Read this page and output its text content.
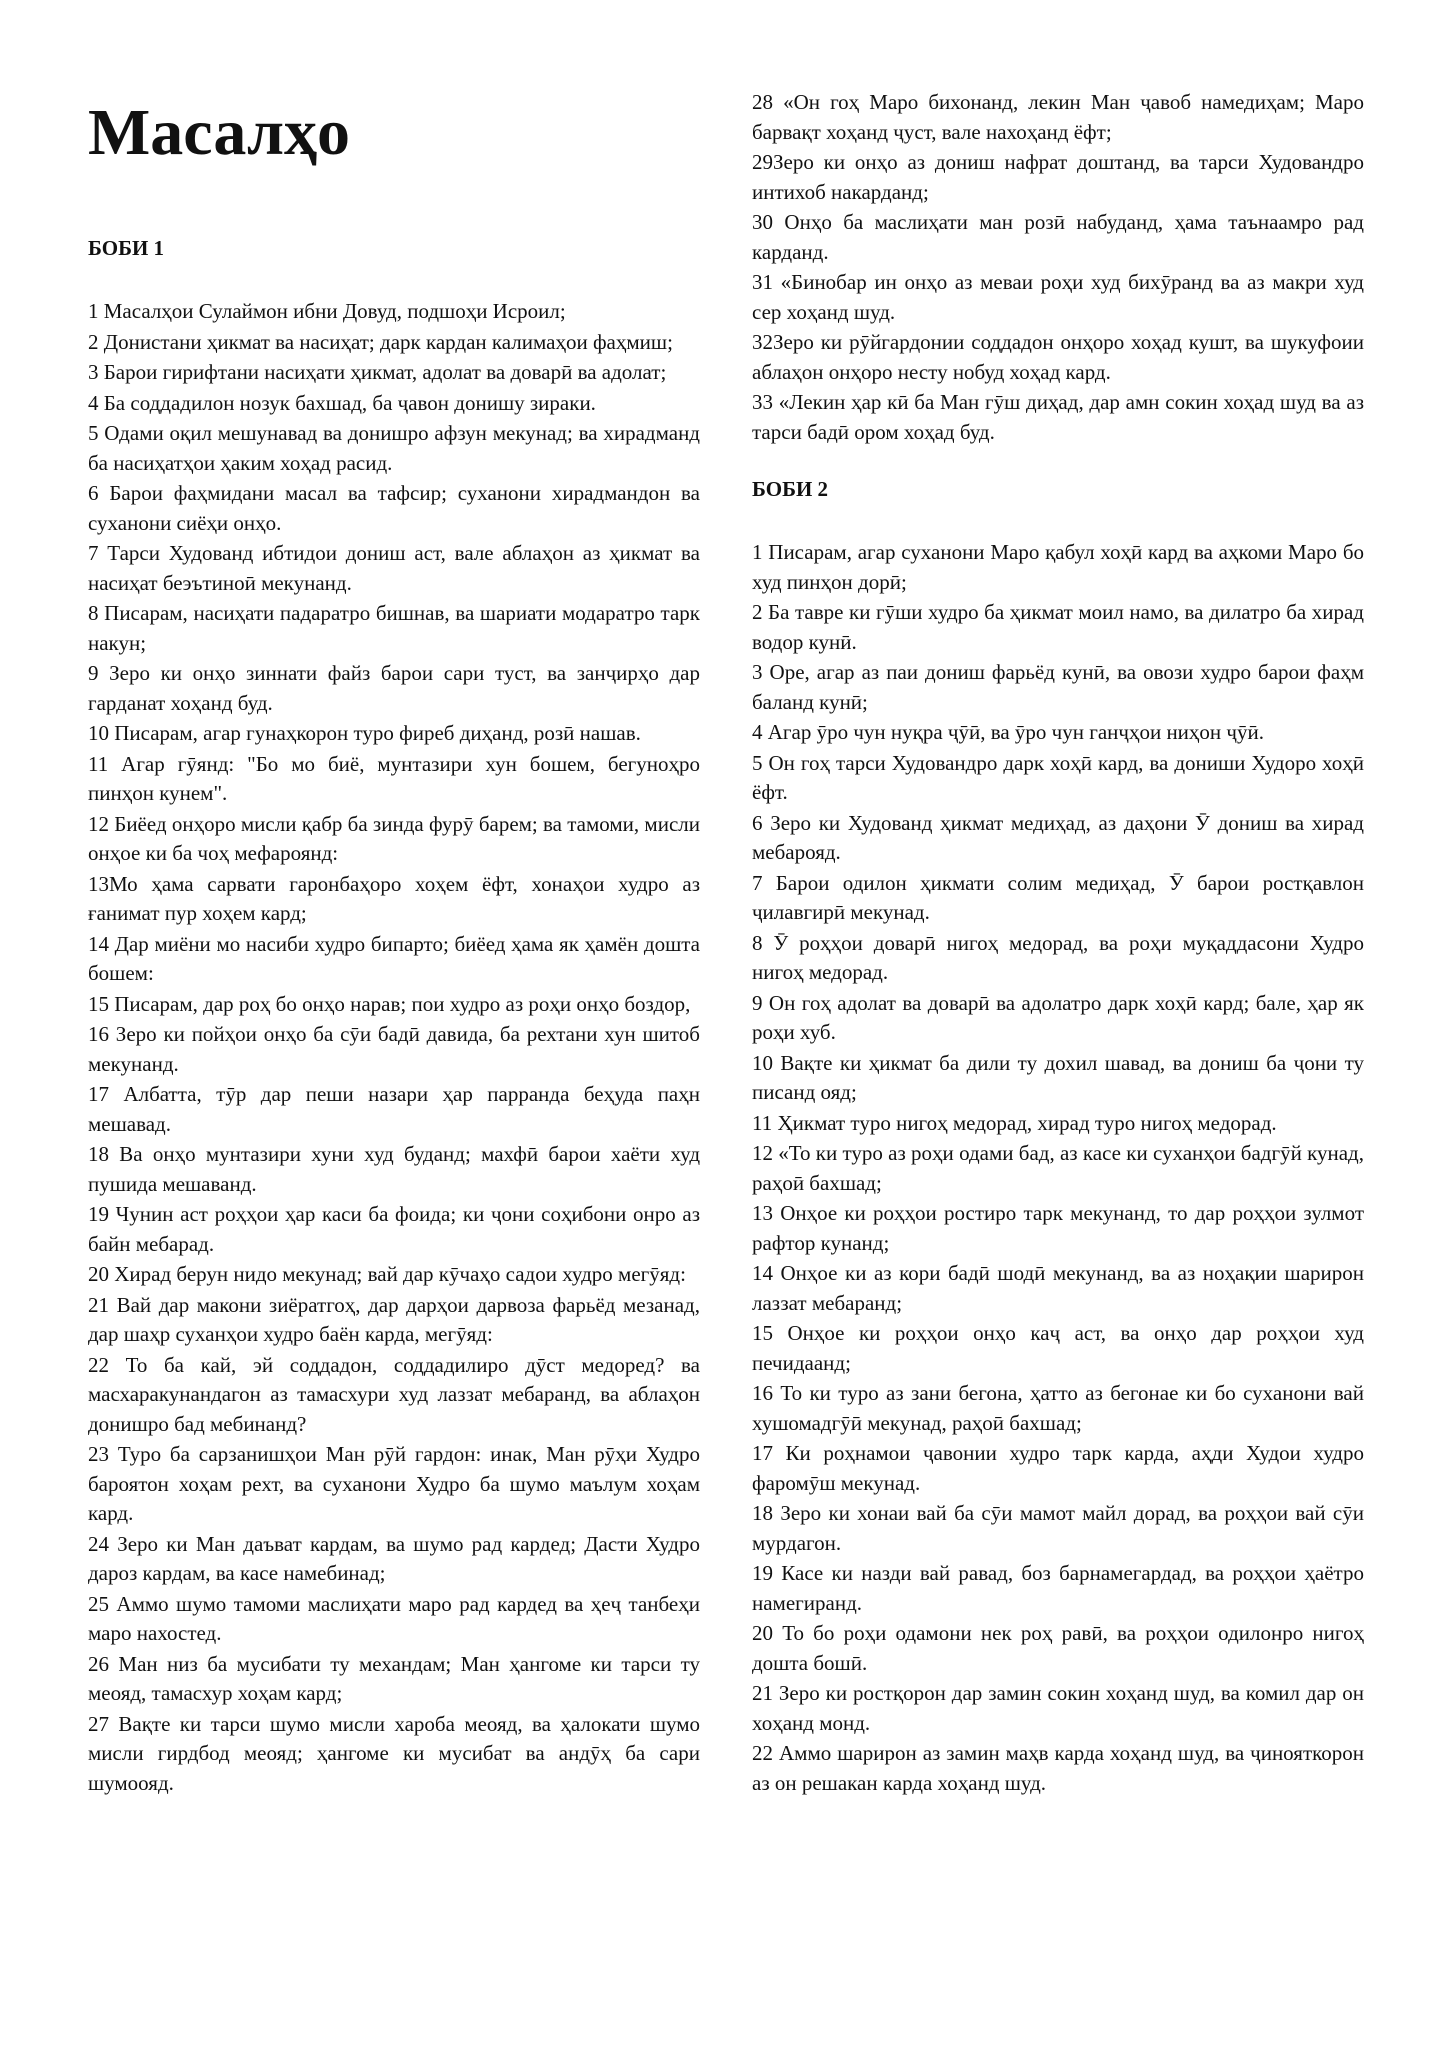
Масалҳо
БОБИ 1
1 Масалҳои Сулаймон ибни Довуд, подшоҳи Исроил;
2 Донистани ҳикмат ва насиҳат; дарк кардан калимаҳои фаҳмиш;
3 Барои гирифтани насиҳати ҳикмат, адолат ва доварӣ ва адолат;
4 Ба соддадилон нозук бахшад, ба ҷавон донишу зираки.
5 Одами оқил мешунавад ва донишро афзун мекунад; ва хирадманд ба насиҳатҳои ҳаким хоҳад расид.
6 Барои фаҳмидани масал ва тафсир; суханони хирадмандон ва суханони сиёҳи онҳо.
7 Тарси Худованд ибтидои дониш аст, вале аблаҳон аз ҳикмат ва насиҳат беэътиноӣ мекунанд.
8 Писарам, насиҳати падаратро бишнав, ва шариати модаратро тарк накун;
9 Зеро ки онҳо зиннати файз барои сари туст, ва занҷирҳо дар гарданат хоҳанд буд.
10 Писарам, агар гунаҳкорон туро фиреб диҳанд, розӣ нашав.
11 Агар гӯянд: "Бо мо биё, мунтазири хун бошем, бегуноҳро пинҳон кунем".
12 Биёед онҳоро мисли қабр ба зинда фурӯ барем; ва тамоми, мисли онҳое ки ба чоҳ мефароянд:
13Мо ҳама сарвати гаронбаҳоро хоҳем ёфт, хонаҳои худро аз ғанимат пур хоҳем кард;
14 Дар миёни мо насиби худро бипарто; биёед ҳама як ҳамён дошта бошем:
15 Писарам, дар роҳ бо онҳо нарав; пои худро аз роҳи онҳо боздор,
16 Зеро ки пойҳои онҳо ба сӯи бадӣ давида, ба рехтани хун шитоб мекунанд.
17 Албатта, тӯр дар пеши назари ҳар парранда беҳуда паҳн мешавад.
18 Ва онҳо мунтазири хуни худ буданд; махфӣ барои хаёти худ пушида мешаванд.
19 Чунин аст роҳҳои ҳар каси ба фоида; ки ҷони соҳибони онро аз байн мебарад.
20 Хирад берун нидо мекунад; вай дар кӯчаҳо садои худро мегӯяд:
21 Вай дар макони зиёратгоҳ, дар дарҳои дарвоза фарьёд мезанад, дар шаҳр суханҳои худро баён карда, мегӯяд:
22 То ба кай, эй соддадон, соддадилиро дӯст медоред? ва масхаракунандагон аз тамасхури худ лаззат мебаранд, ва аблаҳон донишро бад мебинанд?
23 Туро ба сарзанишҳои Ман рӯй гардон: инак, Ман рӯҳи Худро бароятон хоҳам рехт, ва суханони Худро ба шумо маълум хоҳам кард.
24 Зеро ки Ман даъват кардам, ва шумо рад кардед; Дасти Худро дароз кардам, ва касе намебинад;
25 Аммо шумо тамоми маслиҳати маро рад кардед ва ҳеҷ танбеҳи маро нахостед.
26 Ман низ ба мусибати ту механдам; Ман ҳангоме ки тарси ту меояд, тамасхур хоҳам кард;
27 Вақте ки тарси шумо мисли хароба меояд, ва ҳалокати шумо мисли гирдбод меояд; ҳангоме ки мусибат ва андӯҳ ба сари шумоояд.
28 «Он гоҳ Маро бихонанд, лекин Ман ҷавоб намедиҳам; Маро барвақт хоҳанд ҷуст, вале нахоҳанд ёфт;
29Зеро ки онҳо аз дониш нафрат доштанд, ва тарси Худовандро интихоб накарданд;
30 Онҳо ба маслиҳати ман розӣ набуданд, ҳама таънаамро рад карданд.
31 «Бинобар ин онҳо аз меваи роҳи худ бихӯранд ва аз макри худ сер хоҳанд шуд.
32Зеро ки рӯйгардонии соддадон онҳоро хоҳад кушт, ва шукуфоии аблаҳон онҳоро несту нобуд хоҳад кард.
33 «Лекин ҳар кӣ ба Ман гӯш диҳад, дар амн сокин хоҳад шуд ва аз тарси бадӣ ором хоҳад буд.
БОБИ 2
1 Писарам, агар суханони Маро қабул хоҳӣ кард ва аҳкоми Маро бо худ пинҳон дорӣ;
2 Ба тавре ки гӯши худро ба ҳикмат моил намо, ва дилатро ба хирад водор кунӣ.
3 Оре, агар аз паи дониш фарьёд кунӣ, ва овози худро барои фаҳм баланд кунӣ;
4 Агар ӯро чун нуқра ҷӯӣ, ва ӯро чун ганҷҳои ниҳон ҷӯӣ.
5 Он гоҳ тарси Худовандро дарк хоҳӣ кард, ва дониши Худоро хоҳӣ ёфт.
6 Зеро ки Худованд ҳикмат медиҳад, аз даҳони Ӯ дониш ва хирад мебарояд.
7 Барои одилон ҳикмати солим медиҳад, Ӯ барои ростқавлон ҷилавгирӣ мекунад.
8 Ӯ роҳҳои доварӣ нигоҳ медорад, ва роҳи муқаддасони Худро нигоҳ медорад.
9 Он гоҳ адолат ва доварӣ ва адолатро дарк хоҳӣ кард; бале, ҳар як роҳи хуб.
10 Вақте ки ҳикмат ба дили ту дохил шавад, ва дониш ба ҷони ту писанд ояд;
11 Ҳикмат туро нигоҳ медорад, хирад туро нигоҳ медорад.
12 «То ки туро аз роҳи одами бад, аз касе ки суханҳои бадгӯй кунад, раҳоӣ бахшад;
13 Онҳое ки роҳҳои ростиро тарк мекунанд, то дар роҳҳои зулмот рафтор кунанд;
14 Онҳое ки аз кори бадӣ шодӣ мекунанд, ва аз ноҳақии шарирон лаззат мебаранд;
15 Онҳое ки роҳҳои онҳо каҷ аст, ва онҳо дар роҳҳои худ печидаанд;
16 То ки туро аз зани бегона, ҳатто аз бегонае ки бо суханони вай хушомадгӯӣ мекунад, раҳоӣ бахшад;
17 Ки роҳнамои ҷавонии худро тарк карда, аҳди Худои худро фаромӯш мекунад.
18 Зеро ки хонаи вай ба сӯи мамот майл дорад, ва роҳҳои вай сӯи мурдагон.
19 Касе ки назди вай равад, боз барнамегардад, ва роҳҳои ҳаётро намегиранд.
20 То бо роҳи одамони нек роҳ равӣ, ва роҳҳои одилонро нигоҳ дошта бошӣ.
21 Зеро ки ростқорон дар замин сокин хоҳанд шуд, ва комил дар он хоҳанд монд.
22 Аммо шарирон аз замин маҳв карда хоҳанд шуд, ва ҷинояткорон аз он решакан карда хоҳанд шуд.
